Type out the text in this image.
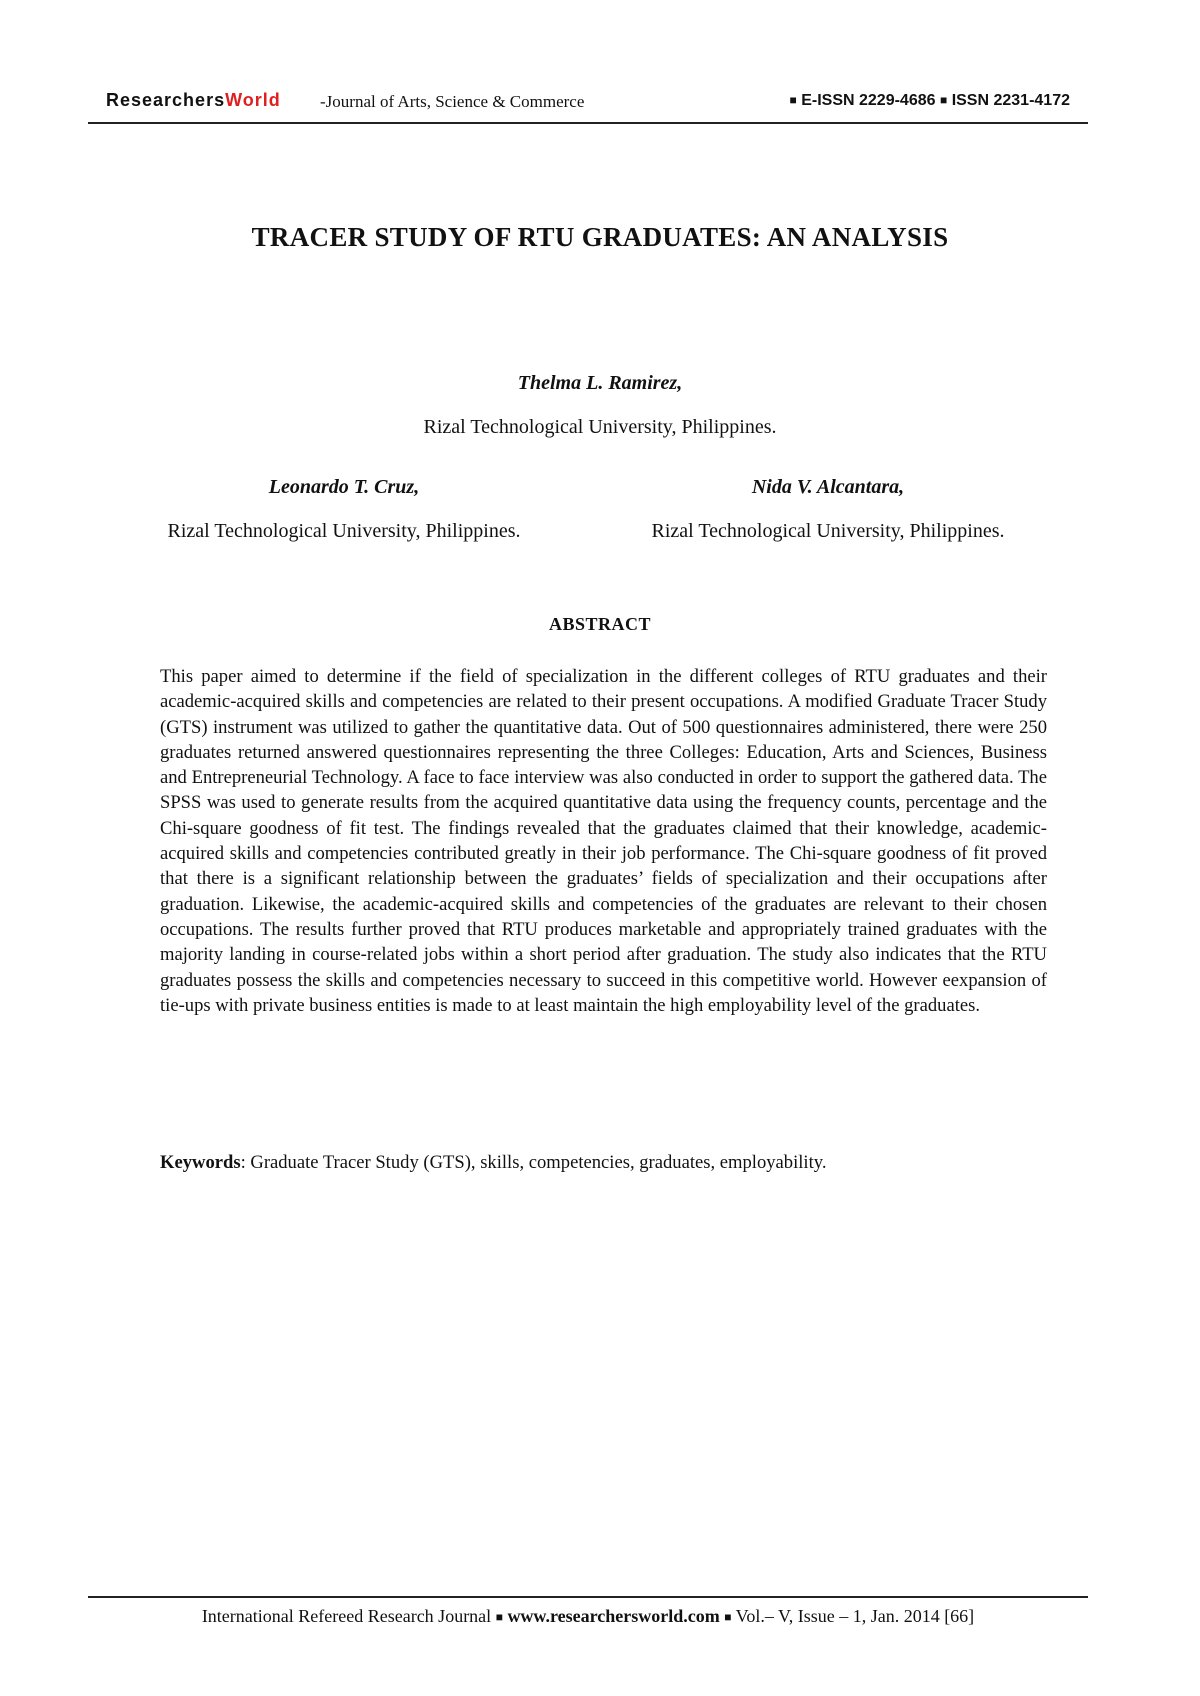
ResearchersWorld -Journal of Arts, Science & Commerce	■ E-ISSN 2229-4686 ■ ISSN 2231-4172
TRACER STUDY OF RTU GRADUATES: AN ANALYSIS
Thelma L. Ramirez,
Rizal Technological University, Philippines.
Leonardo T. Cruz,
Rizal Technological University, Philippines.
Nida V. Alcantara,
Rizal Technological University, Philippines.
ABSTRACT
This paper aimed to determine if the field of specialization in the different colleges of RTU graduates and their academic-acquired skills and competencies are related to their present occupations. A modified Graduate Tracer Study (GTS) instrument was utilized to gather the quantitative data. Out of 500 questionnaires administered, there were 250 graduates returned answered questionnaires representing the three Colleges: Education, Arts and Sciences, Business and Entrepreneurial Technology. A face to face interview was also conducted in order to support the gathered data. The SPSS was used to generate results from the acquired quantitative data using the frequency counts, percentage and the Chi-square goodness of fit test. The findings revealed that the graduates claimed that their knowledge, academic-acquired skills and competencies contributed greatly in their job performance. The Chi-square goodness of fit proved that there is a significant relationship between the graduates’ fields of specialization and their occupations after graduation. Likewise, the academic-acquired skills and competencies of the graduates are relevant to their chosen occupations. The results further proved that RTU produces marketable and appropriately trained graduates with the majority landing in course-related jobs within a short period after graduation. The study also indicates that the RTU graduates possess the skills and competencies necessary to succeed in this competitive world. However eexpansion of tie-ups with private business entities is made to at least maintain the high employability level of the graduates.
Keywords: Graduate Tracer Study (GTS), skills, competencies, graduates, employability.
International Refereed Research Journal ■ www.researchersworld.com ■ Vol.– V, Issue – 1, Jan. 2014 [66]
